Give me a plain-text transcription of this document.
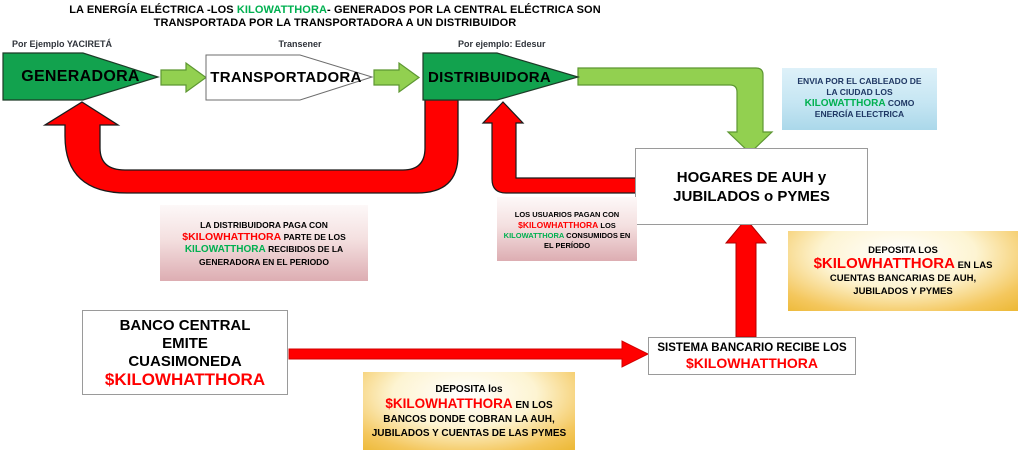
LA ENERGÍA ELÉCTRICA -LOS KILOWATTHORA- GENERADOS POR LA CENTRAL ELÉCTRICA SON
TRANSPORTADA POR LA TRANSPORTADORA A UN DISTRIBUIDOR
Por Ejemplo YACIRETÁ	Transener	Por ejemplo: Edesur
GENERADORA	TRANSPORTADORA	DISTRIBUIDORA	ENVIA POR EL CABLEADO DE
LA CIUDAD LOS
KILOWATTHORA COMO
ENERGÍA ELECTRICA
HOGARES DE AUH y
JUBILADOS o PYMES
LA DISTRIBUIDORA PAGA CON
$KILOWHATTHORA PARTE DE LOS
KILOWATTHORA RECIBIDOS DE LA
GENERADORA EN EL PERIODO
LOS USUARIOS PAGAN CON
$KILOWHATTHORA LOS
KILOWATTHORA CONSUMIDOS EN
EL PERÍODO	DEPOSITA LOS
$KILOWHATTHORA EN LAS
CUENTAS BANCARIAS DE AUH,
JUBILADOS Y PYMES
BANCO CENTRAL
EMITE
CUASIMONEDA
$KILOWHATTHORA
SISTEMA BANCARIO RECIBE LOS
$KILOWHATTHORA
DEPOSITA los
$KILOWHATTHORA EN LOS
BANCOS DONDE COBRAN LA AUH,
JUBILADOS Y CUENTAS DE LAS PYMES
